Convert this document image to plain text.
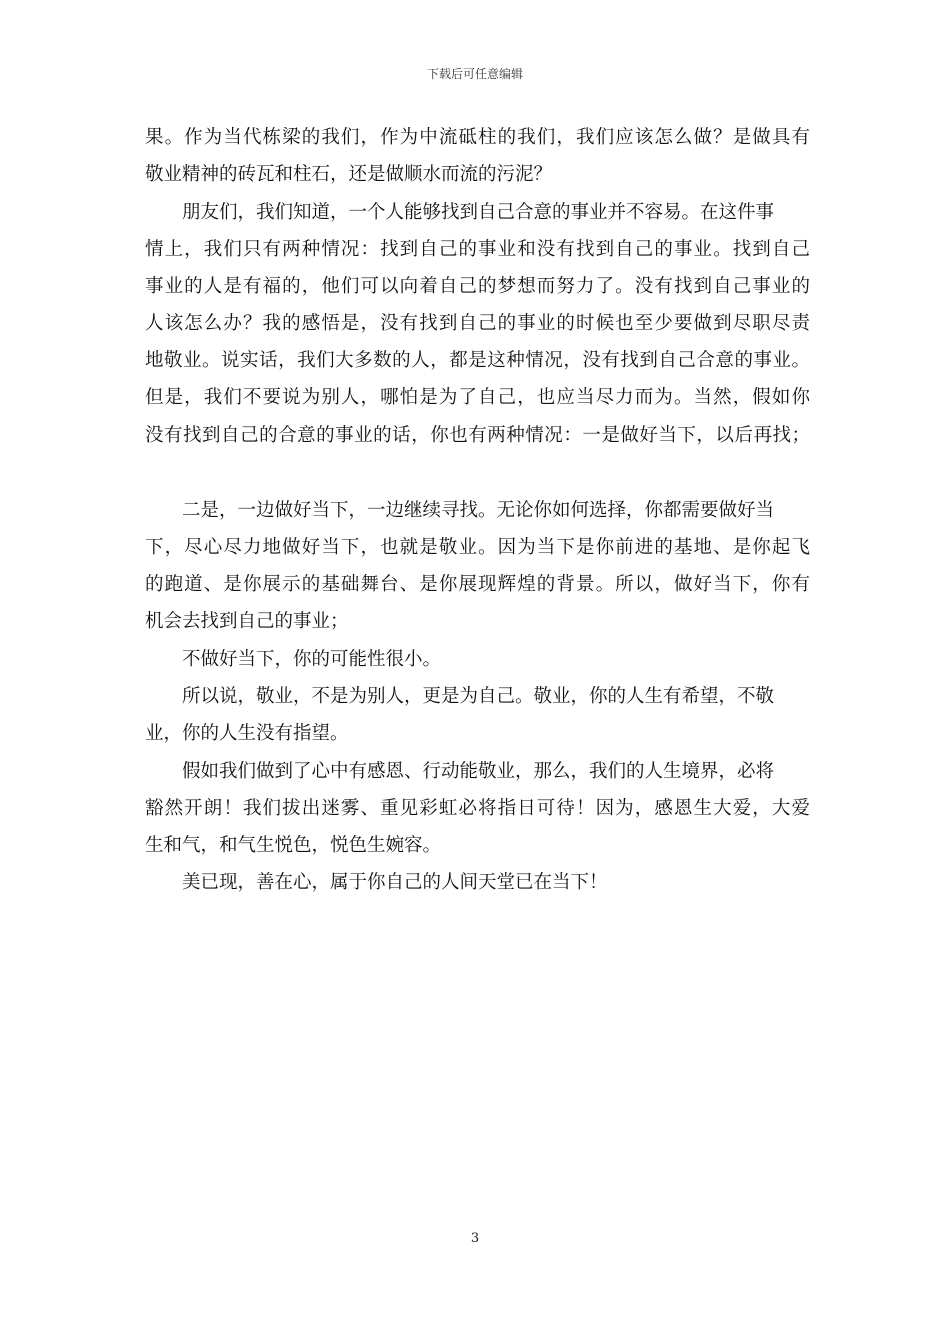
下载后可任意编辑
果。作为当代栋梁的我们，作为中流砥柱的我们，我们应该怎么做？是做具有
敬业精神的砖瓦和柱石，还是做顺水而流的污泥？
朋友们，我们知道，一个人能够找到自己合意的事业并不容易。在这件事
情上，我们只有两种情况：找到自己的事业和没有找到自己的事业。找到自己
事业的人是有福的，他们可以向着自己的梦想而努力了。没有找到自己事业的
人该怎么办？我的感悟是，没有找到自己的事业的时候也至少要做到尽职尽责
地敬业。说实话，我们大多数的人，都是这种情况，没有找到自己合意的事业。
但是，我们不要说为别人，哪怕是为了自己，也应当尽力而为。当然，假如你
没有找到自己的合意的事业的话，你也有两种情况：一是做好当下，以后再找；
二是，一边做好当下，一边继续寻找。无论你如何选择，你都需要做好当
下，尽心尽力地做好当下，也就是敬业。因为当下是你前进的基地、是你起飞
的跑道、是你展示的基础舞台、是你展现辉煌的背景。所以，做好当下，你有
机会去找到自己的事业；
不做好当下，你的可能性很小。
所以说，敬业，不是为别人，更是为自己。敬业，你的人生有希望，不敬
业，你的人生没有指望。
假如我们做到了心中有感恩、行动能敬业，那么，我们的人生境界，必将
豁然开朗！我们拔出迷雾、重见彩虹必将指日可待！因为，感恩生大爱，大爱
生和气，和气生悦色，悦色生婉容。
美已现，善在心，属于你自己的人间天堂已在当下！
3
